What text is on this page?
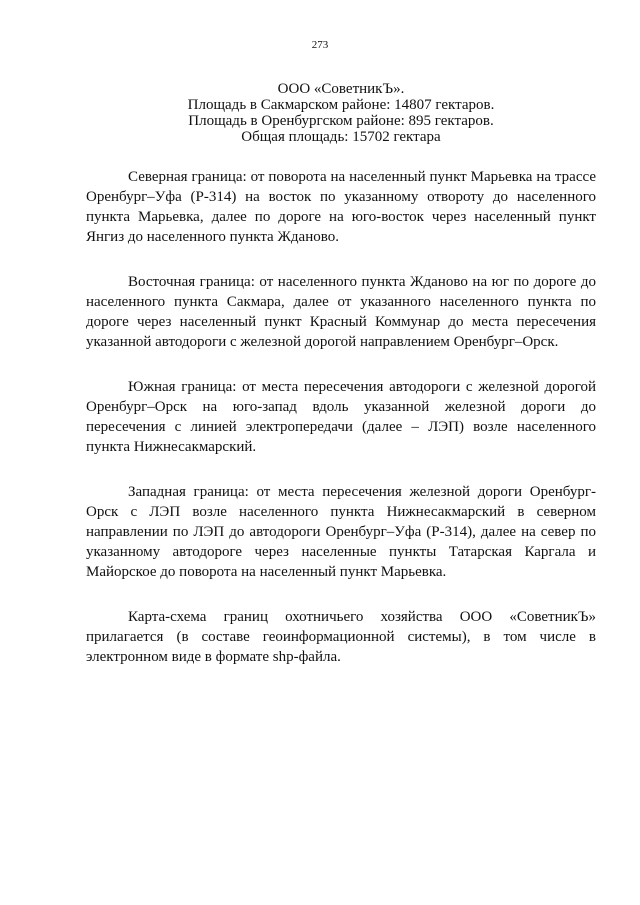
273
ООО «СоветникЪ».
Площадь в Сакмарском районе: 14807 гектаров.
Площадь в Оренбургском районе: 895 гектаров.
Общая площадь: 15702 гектара

Северная граница: от поворота на населенный пункт Марьевка на трассе Оренбург–Уфа (Р-314) на восток по указанному отвороту до населенного пункта Марьевка, далее по дороге на юго-восток через населенный пункт Янгиз до населенного пункта Ждановo.

Восточная граница: от населенного пункта Ждановo на юг по дороге до населенного пункта Сакмара, далее от указанного населенного пункта по дороге через населенный пункт Красный Коммунар до места пересечения указанной автодороги с железной дорогой направлением Оренбург–Орск.

Южная граница: от места пересечения автодороги с железной дорогой Оренбург–Орск на юго-запад вдоль указанной железной дороги до пересечения с линией электропередачи (далее – ЛЭП) возле населенного пункта Нижнесакмарский.

Западная граница: от места пересечения железной дороги Оренбург-Орск с ЛЭП возле населенного пункта Нижнесакмарский в северном направлении по ЛЭП до автодороги Оренбург–Уфа (Р-314), далее на север по указанному автодороге через населенные пункты Татарская Каргала и Майорское до поворота на населенный пункт Марьевка.

Карта-схема границ охотничьего хозяйства ООО «СоветникЪ» прилагается (в составе геоинформационной системы), в том числе в электронном виде в формате shp-файла.
